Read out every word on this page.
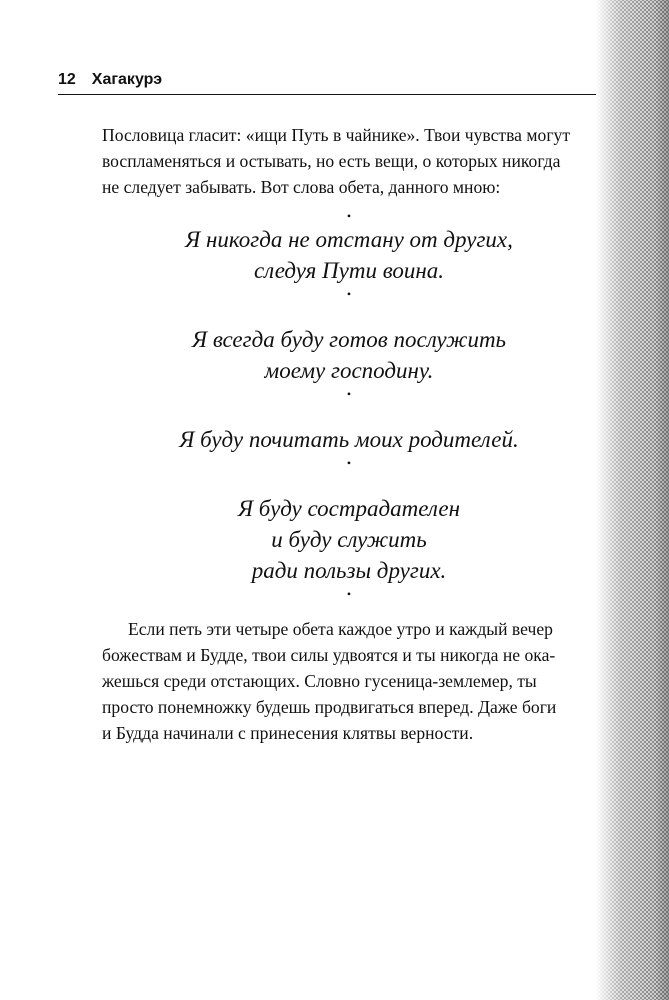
12 Хагакурэ

Пословица гласит: «ищи Путь в чайнике». Твои чувства могут
воспламеняться и остывать, но есть вещи, о которых никогда
не следует забывать. Вот слова обета, данного мною:

•

Я никогда не отстану от других,
следуя Пути воина.

•

Я всегда буду готов послужить
моему господину.

•

Я буду почитать моих родителей.

•

Я буду сострадателен
и буду служить
ради пользы других.

•

Если петь эти четыре обета каждое утро и каждый вечер
божествам и Будде, твои силы удвоятся и ты никогда не ока-
жешься среди отстающих. Словно гусеница-землемер, ты
просто понемножку будешь продвигаться вперед. Даже боги
и Будда начинали с принесения клятвы верности.
